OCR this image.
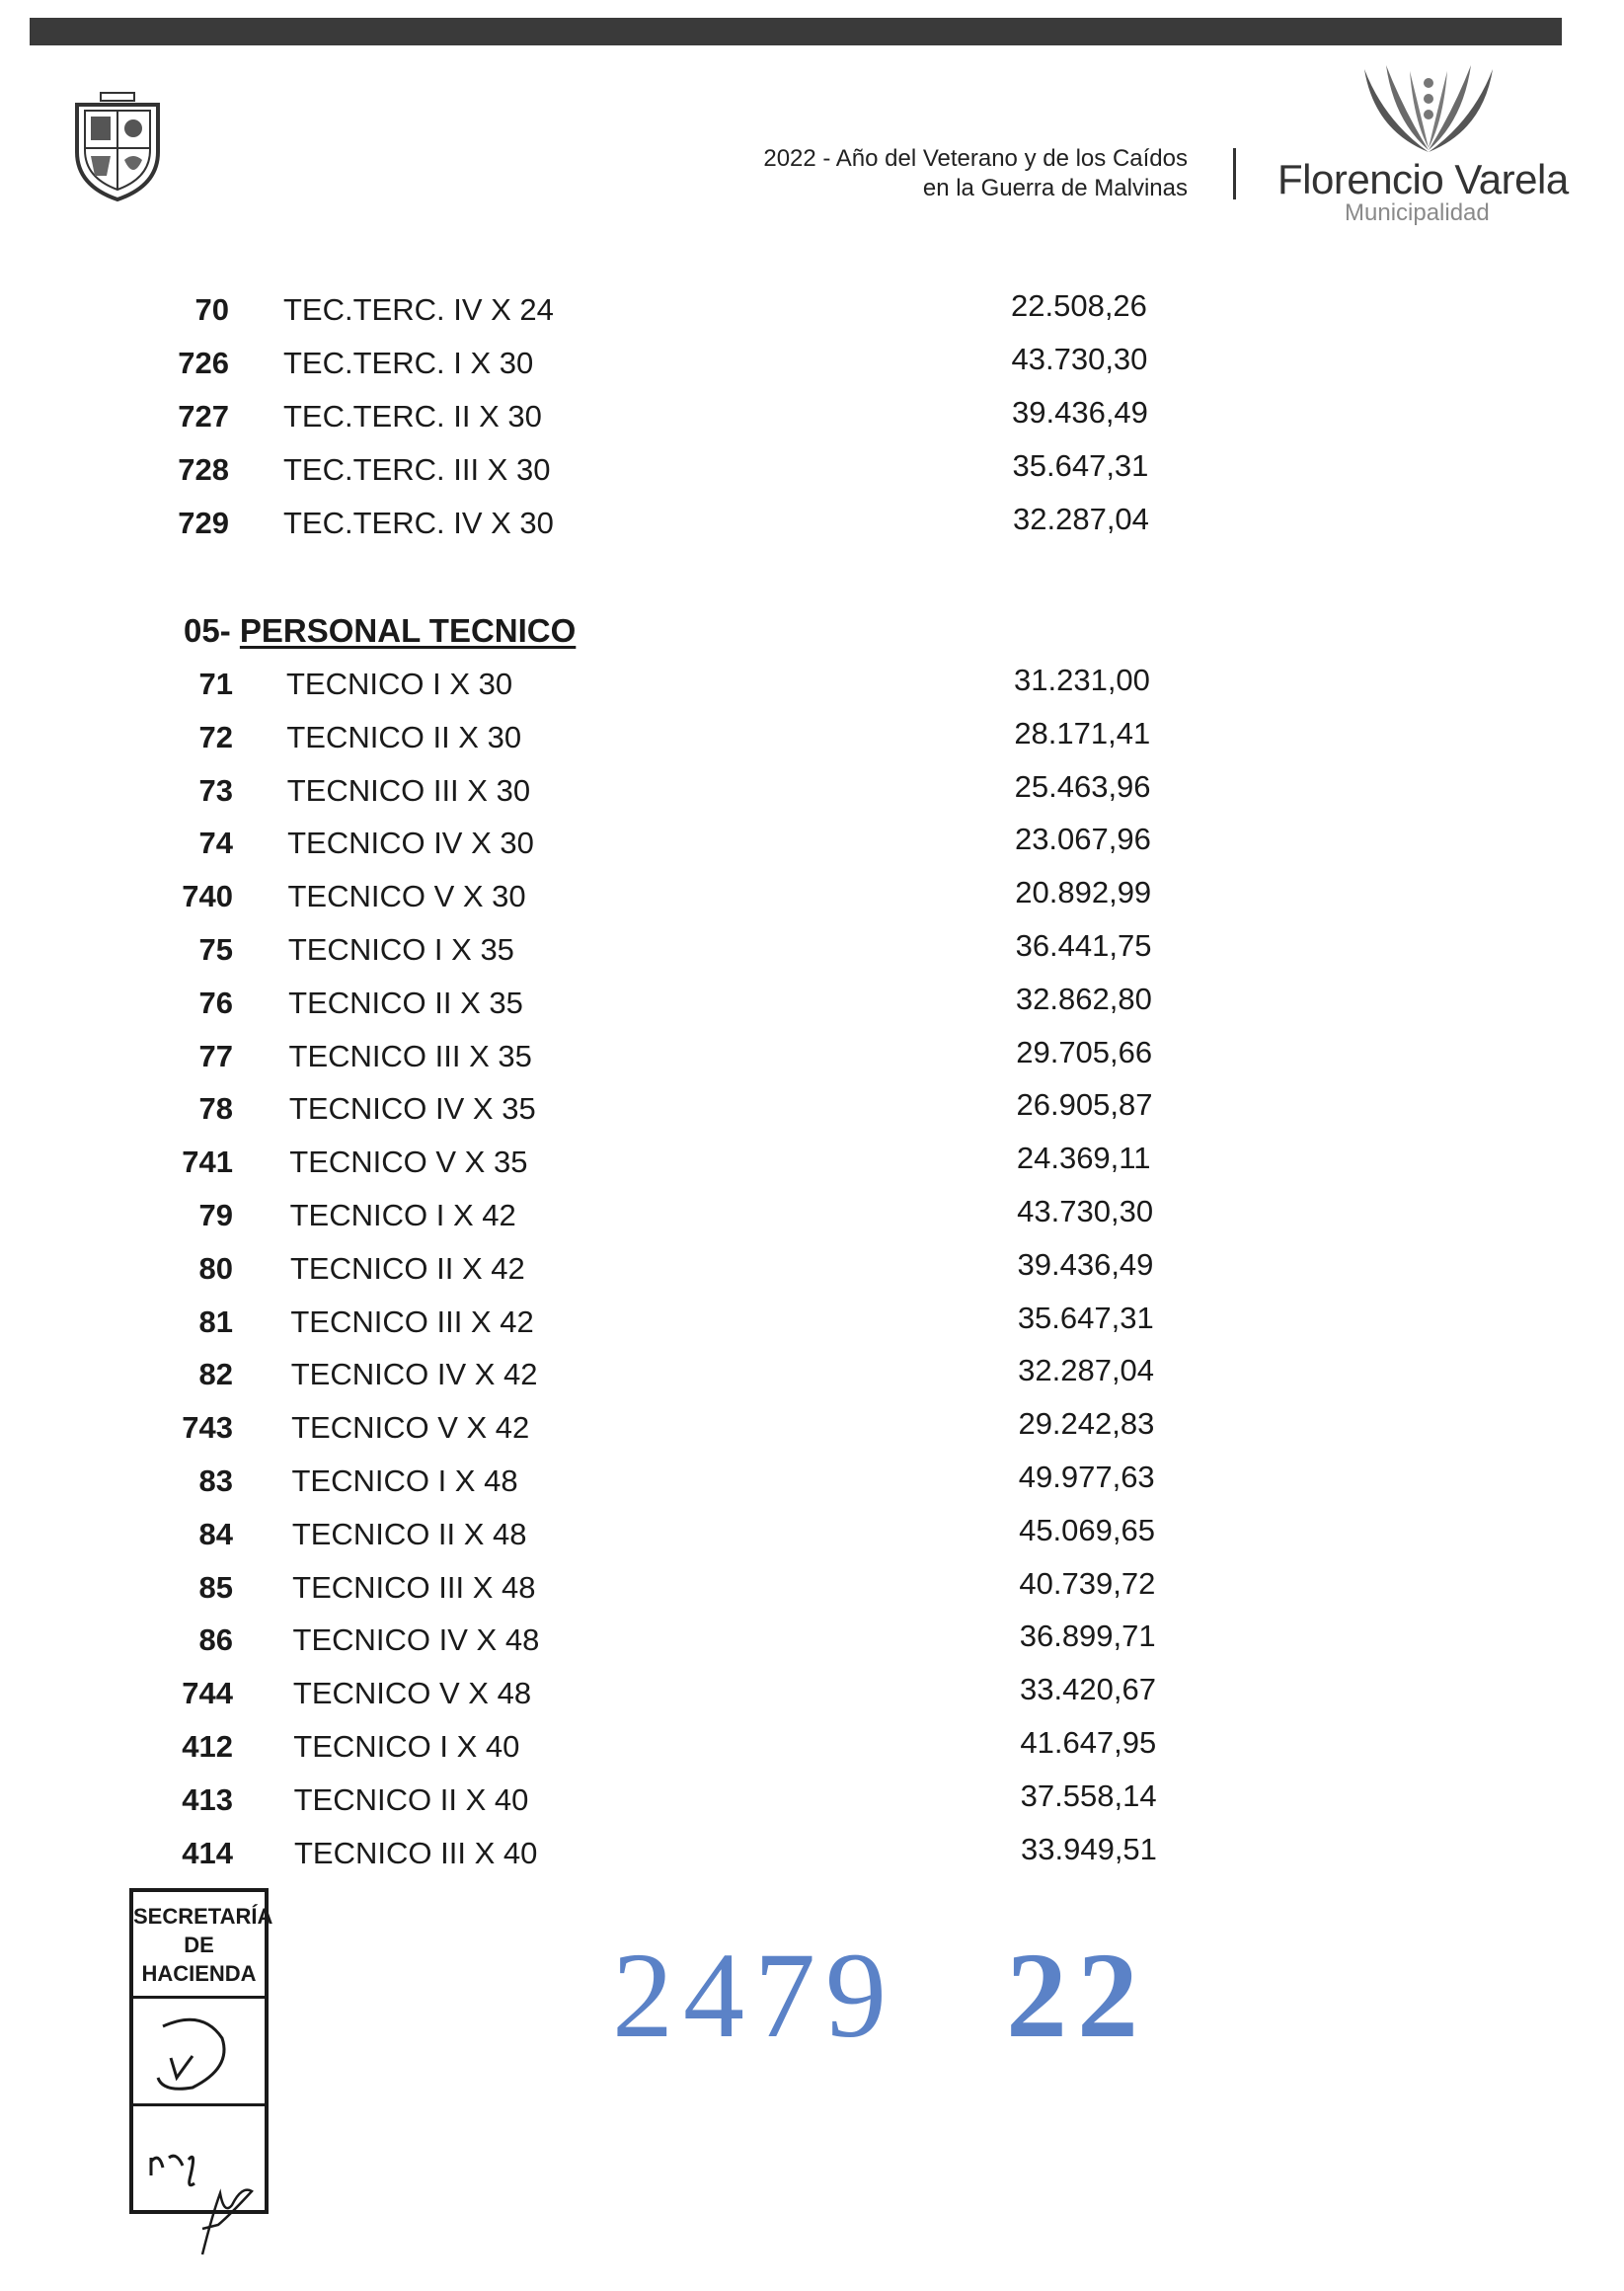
2022 - Año del Veterano y de los Caídos
en la Guerra de Malvinas Florencio Varela
Municipalidad
70 TEC.TERC. IV X 24	22.508,26
726 TEC.TERC. I X 30	43.730,30
727 TEC.TERC. II X 30	39.436,49
728 TEC.TERC. III X 30	35.647,31
729 TEC.TERC. IV X 30	32.287,04
05- PERSONAL TECNICO
71 TECNICO I X 30	31.231,00
72 TECNICO II X 30	28.171,41
73 TECNICO III X 30	25.463,96
74 TECNICO IV X 30	23.067,96
740 TECNICO V X 30	20.892,99
75 TECNICO I X 35	36.441,75
76 TECNICO II X 35	32.862,80
77 TECNICO III X 35	29.705,66
78 TECNICO IV X 35	26.905,87
741 TECNICO V X 35	24.369,11
79 TECNICO I X 42	43.730,30
80 TECNICO II X 42	39.436,49
81 TECNICO III X 42	35.647,31
82 TECNICO IV X 42	32.287,04
743 TECNICO V X 42	29.242,83
83 TECNICO I X 48	49.977,63
84 TECNICO II X 48	45.069,65
85 TECNICO III X 48	40.739,72
86 TECNICO IV X 48	36.899,71
744 TECNICO V X 48	33.420,67
412 TECNICO I X 40	41.647,95
413 TECNICO II X 40	37.558,14
414 TECNICO III X 40	33.949,51
SECRETARÍA
DE
HACIENDA	2479 22
